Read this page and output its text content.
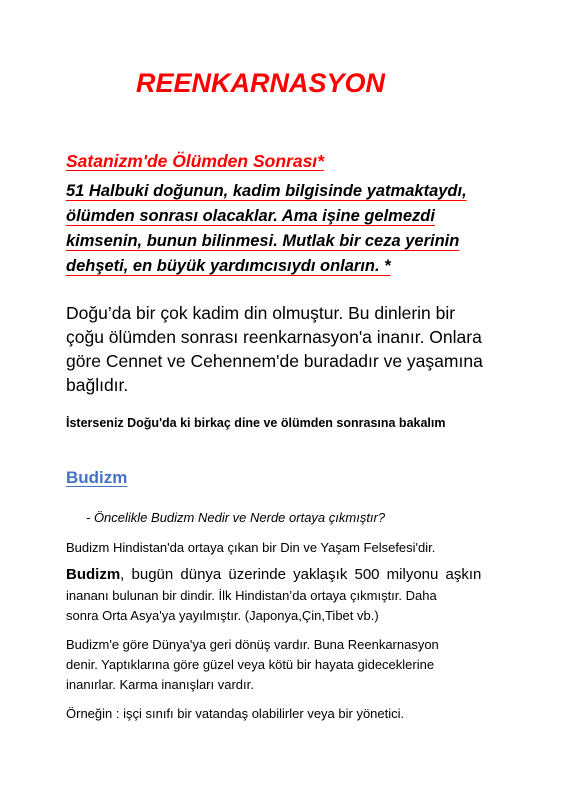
REENKARNASYON
Satanizm'de Ölümden Sonrası*
51 Halbuki doğunun, kadim bilgisinde yatmaktaydı,
ölümden sonrası olacaklar. Ama işine gelmezdi
kimsenin, bunun bilinmesi. Mutlak bir ceza yerinin
dehşeti, en büyük yardımcısıydı onların. *
Doğu’da bir çok kadim din olmuştur. Bu dinlerin bir
çoğu ölümden sonrası reenkarnasyon'a inanır. Onlara
göre Cennet ve Cehennem'de buradadır ve yaşamına
bağlıdır.
İsterseniz Doğu'da ki birkaç dine ve ölümden sonrasına bakalım
Budizm
- Öncelikle Budizm Nedir ve Nerde ortaya çıkmıştır?
Budizm Hindistan'da ortaya çıkan bir Din ve Yaşam Felsefesi'dir.
Budizm, bugün dünya üzerinde yaklaşık 500 milyonu aşkın
inananı bulunan bir dindir. İlk Hindistan’da ortaya çıkmıştır. Daha
sonra Orta Asya'ya yayılmıştır. (Japonya,Çin,Tibet vb.)
Budizm'e göre Dünya'ya geri dönüş vardır. Buna Reenkarnasyon
denir. Yaptıklarına göre güzel veya kötü bir hayata gideceklerine
inanırlar. Karma inanışları vardır.
Örneğin : işçi sınıfı bir vatandaş olabilirler veya bir yönetici.
